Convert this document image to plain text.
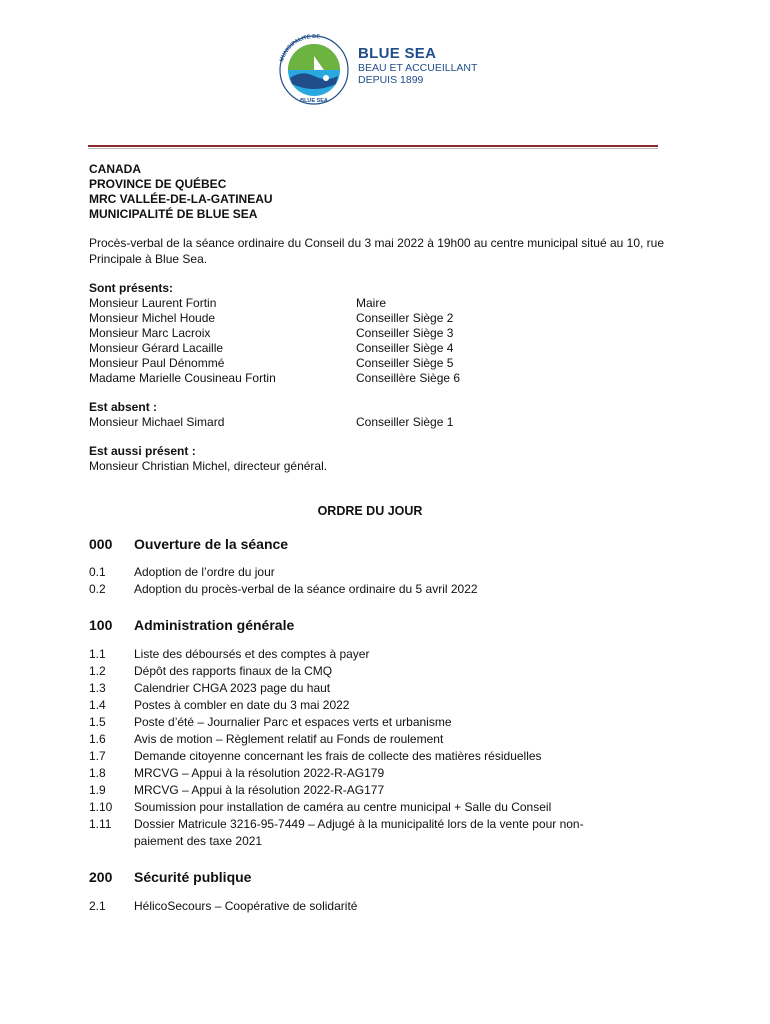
MUNICIPALITÉ DE
BLUE SEA
BLUE SEA
BEAU ET ACCUEILLANT
DEPUIS 1899
CANADA
PROVINCE DE QUÉBEC
MRC VALLÉE-DE-LA-GATINEAU
MUNICIPALITÉ DE BLUE SEA
Procès-verbal de la séance ordinaire du Conseil du 3 mai 2022 à 19h00 au centre municipal situé au 10, rue Principale à Blue Sea.
Sont présents:
Monsieur Laurent Fortin	Maire
Monsieur Michel Houde	Conseiller Siège 2
Monsieur Marc Lacroix	Conseiller Siège 3
Monsieur Gérard Lacaille	Conseiller Siège 4
Monsieur Paul Dénommé	Conseiller Siège 5
Madame Marielle Cousineau Fortin	Conseillère Siège 6
Est absent :
Monsieur Michael Simard	Conseiller Siège 1
Est aussi présent :
Monsieur Christian Michel, directeur général.
ORDRE DU JOUR
000 Ouverture de la séance
0.1 Adoption de l’ordre du jour
0.2 Adoption du procès-verbal de la séance ordinaire du 5 avril 2022
100 Administration générale
1.1 Liste des déboursés et des comptes à payer
1.2 Dépôt des rapports finaux de la CMQ
1.3 Calendrier CHGA 2023 page du haut
1.4 Postes à combler en date du 3 mai 2022
1.5 Poste d’été – Journalier Parc et espaces verts et urbanisme
1.6 Avis de motion – Règlement relatif au Fonds de roulement
1.7 Demande citoyenne concernant les frais de collecte des matières résiduelles
1.8 MRCVG – Appui à la résolution 2022-R-AG179
1.9 MRCVG – Appui à la résolution 2022-R-AG177
1.10 Soumission pour installation de caméra au centre municipal + Salle du Conseil
1.11 Dossier Matricule 3216-95-7449 – Adjugé à la municipalité lors de la vente pour non-
paiement des taxe 2021
200 Sécurité publique
2.1 HélicoSecours – Coopérative de solidarité
